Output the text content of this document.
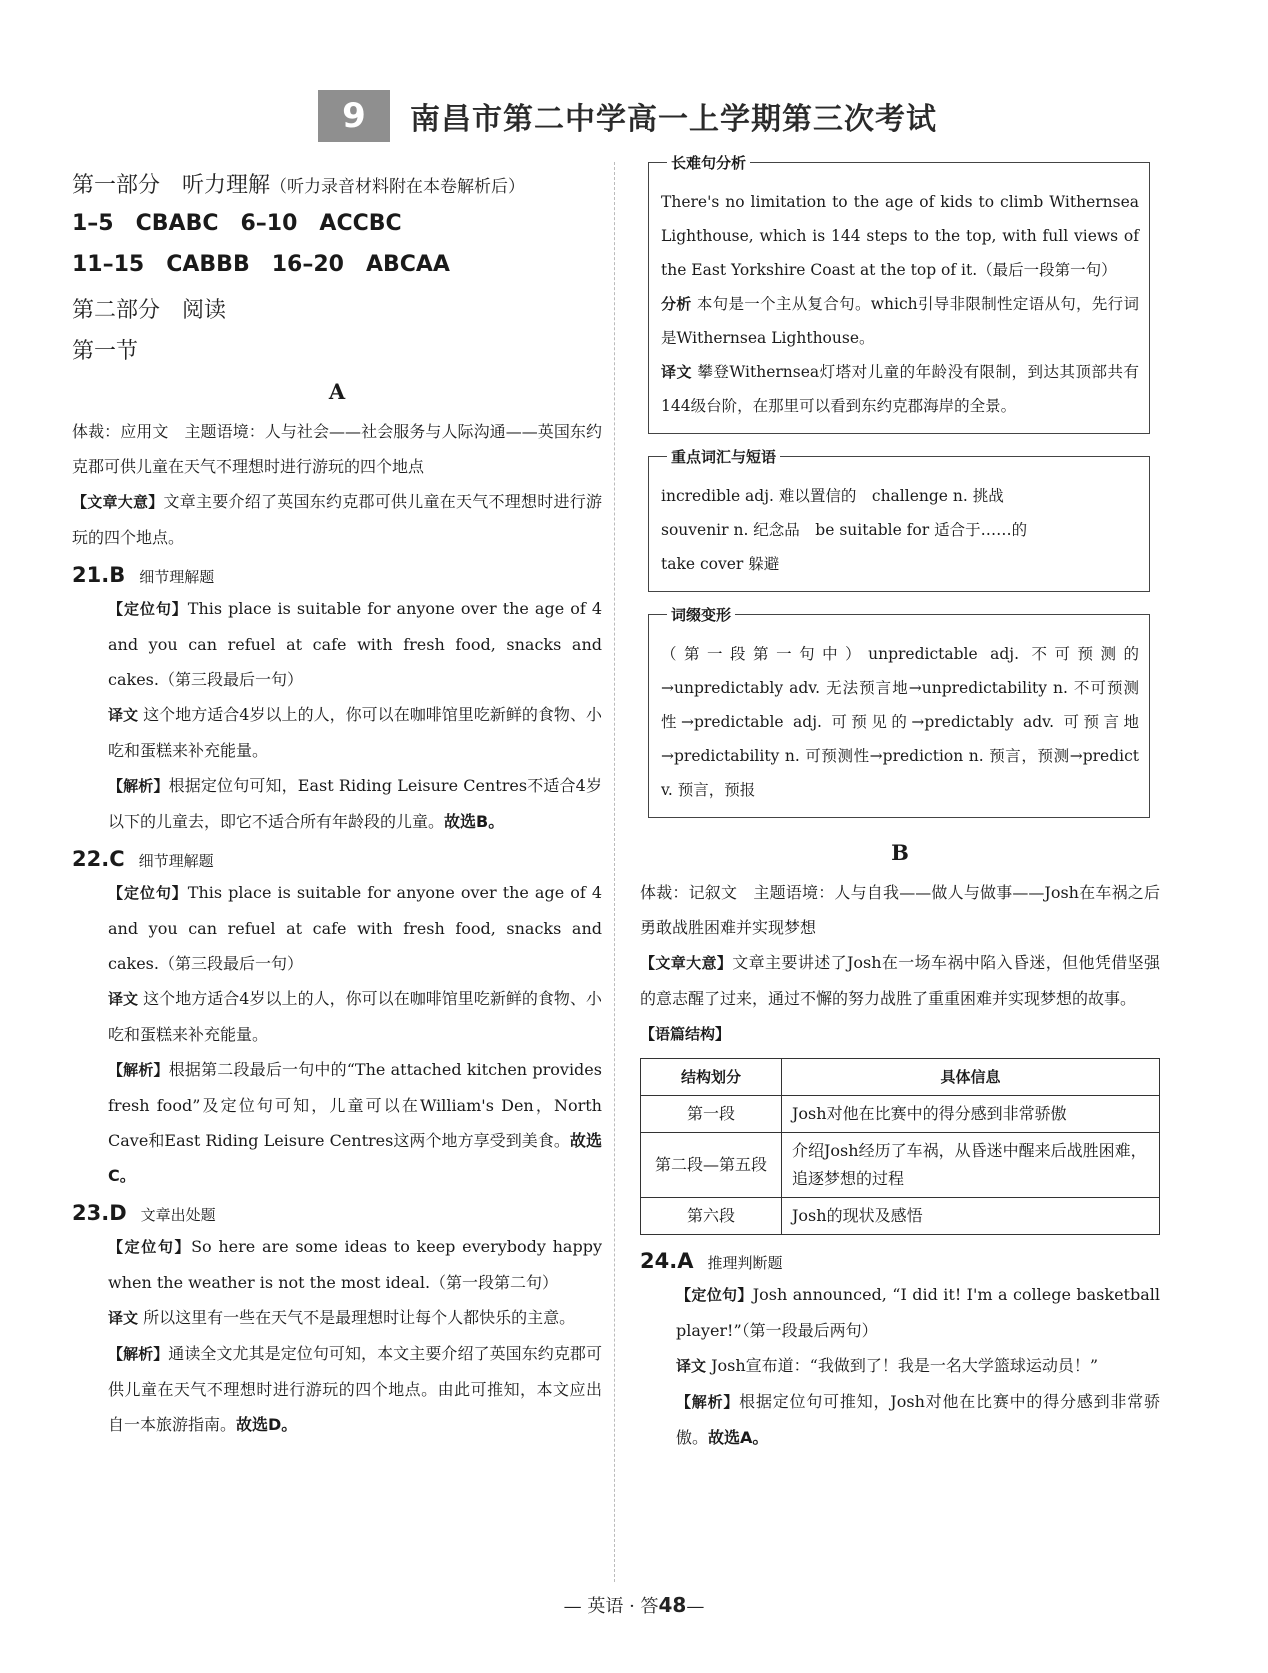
9	南昌市第二中学高一上学期第三次考试
第一部分　听力理解（听力录音材料附在本卷解析后）
1–5 CBABC 6–10 ACCBC
11–15 CABBB 16–20 ABCAA
第二部分　阅读
第一节
A

体裁：应用文　主题语境：人与社会——社会服务与人际沟通——英国东约克郡可供儿童在天气不理想时进行游玩的四个地点

【文章大意】文章主要介绍了英国东约克郡可供儿童在天气不理想时进行游玩的四个地点。

21.B 细节理解题

【定位句】This place is suitable for anyone over the age of 4 and you can refuel at cafe with fresh food, snacks and cakes.（第三段最后一句）

译文 这个地方适合4岁以上的人，你可以在咖啡馆里吃新鲜的食物、小吃和蛋糕来补充能量。

【解析】根据定位句可知，East Riding Leisure Centres不适合4岁以下的儿童去，即它不适合所有年龄段的儿童。故选B。

22.C 细节理解题

【定位句】This place is suitable for anyone over the age of 4 and you can refuel at cafe with fresh food, snacks and cakes.（第三段最后一句）

译文 这个地方适合4岁以上的人，你可以在咖啡馆里吃新鲜的食物、小吃和蛋糕来补充能量。

【解析】根据第二段最后一句中的“The attached kitchen provides fresh food”及定位句可知，儿童可以在William's Den，North Cave和East Riding Leisure Centres这两个地方享受到美食。故选C。

23.D 文章出处题

【定位句】So here are some ideas to keep everybody happy when the weather is not the most ideal.（第一段第二句）

译文 所以这里有一些在天气不是最理想时让每个人都快乐的主意。

【解析】通读全文尤其是定位句可知，本文主要介绍了英国东约克郡可供儿童在天气不理想时进行游玩的四个地点。由此可推知，本文应出自一本旅游指南。故选D。

长难句分析

There's no limitation to the age of kids to climb Withernsea Lighthouse, which is 144 steps to the top, with full views of the East Yorkshire Coast at the top of it.（最后一段第一句）

分析 本句是一个主从复合句。which引导非限制性定语从句，先行词是Withernsea Lighthouse。

译文 攀登Withernsea灯塔对儿童的年龄没有限制，到达其顶部共有144级台阶，在那里可以看到东约克郡海岸的全景。

重点词汇与短语

incredible adj. 难以置信的　challenge n. 挑战

souvenir n. 纪念品　be suitable for 适合于……的

take cover 躲避

词缀变形

（第一段第一句中）unpredictable adj. 不可预测的→unpredictably adv. 无法预言地→unpredictability n. 不可预测性→predictable adj. 可预见的→predictably adv. 可预言地→predictability n. 可预测性→prediction n. 预言，预测→predict v. 预言，预报

B

体裁：记叙文　主题语境：人与自我——做人与做事——Josh在车祸之后勇敢战胜困难并实现梦想

【文章大意】文章主要讲述了Josh在一场车祸中陷入昏迷，但他凭借坚强的意志醒了过来，通过不懈的努力战胜了重重困难并实现梦想的故事。

【语篇结构】

结构划分	具体信息
第一段	Josh对他在比赛中的得分感到非常骄傲
第二段—第五段	介绍Josh经历了车祸，从昏迷中醒来后战胜困难，追逐梦想的过程
第六段	Josh的现状及感悟
24.A 推理判断题

【定位句】Josh announced, “I did it! I'm a college basketball player!”（第一段最后两句）

译文 Josh宣布道：“我做到了！我是一名大学篮球运动员！”

【解析】根据定位句可推知，Josh对他在比赛中的得分感到非常骄傲。故选A。

— 英语 · 答48—
